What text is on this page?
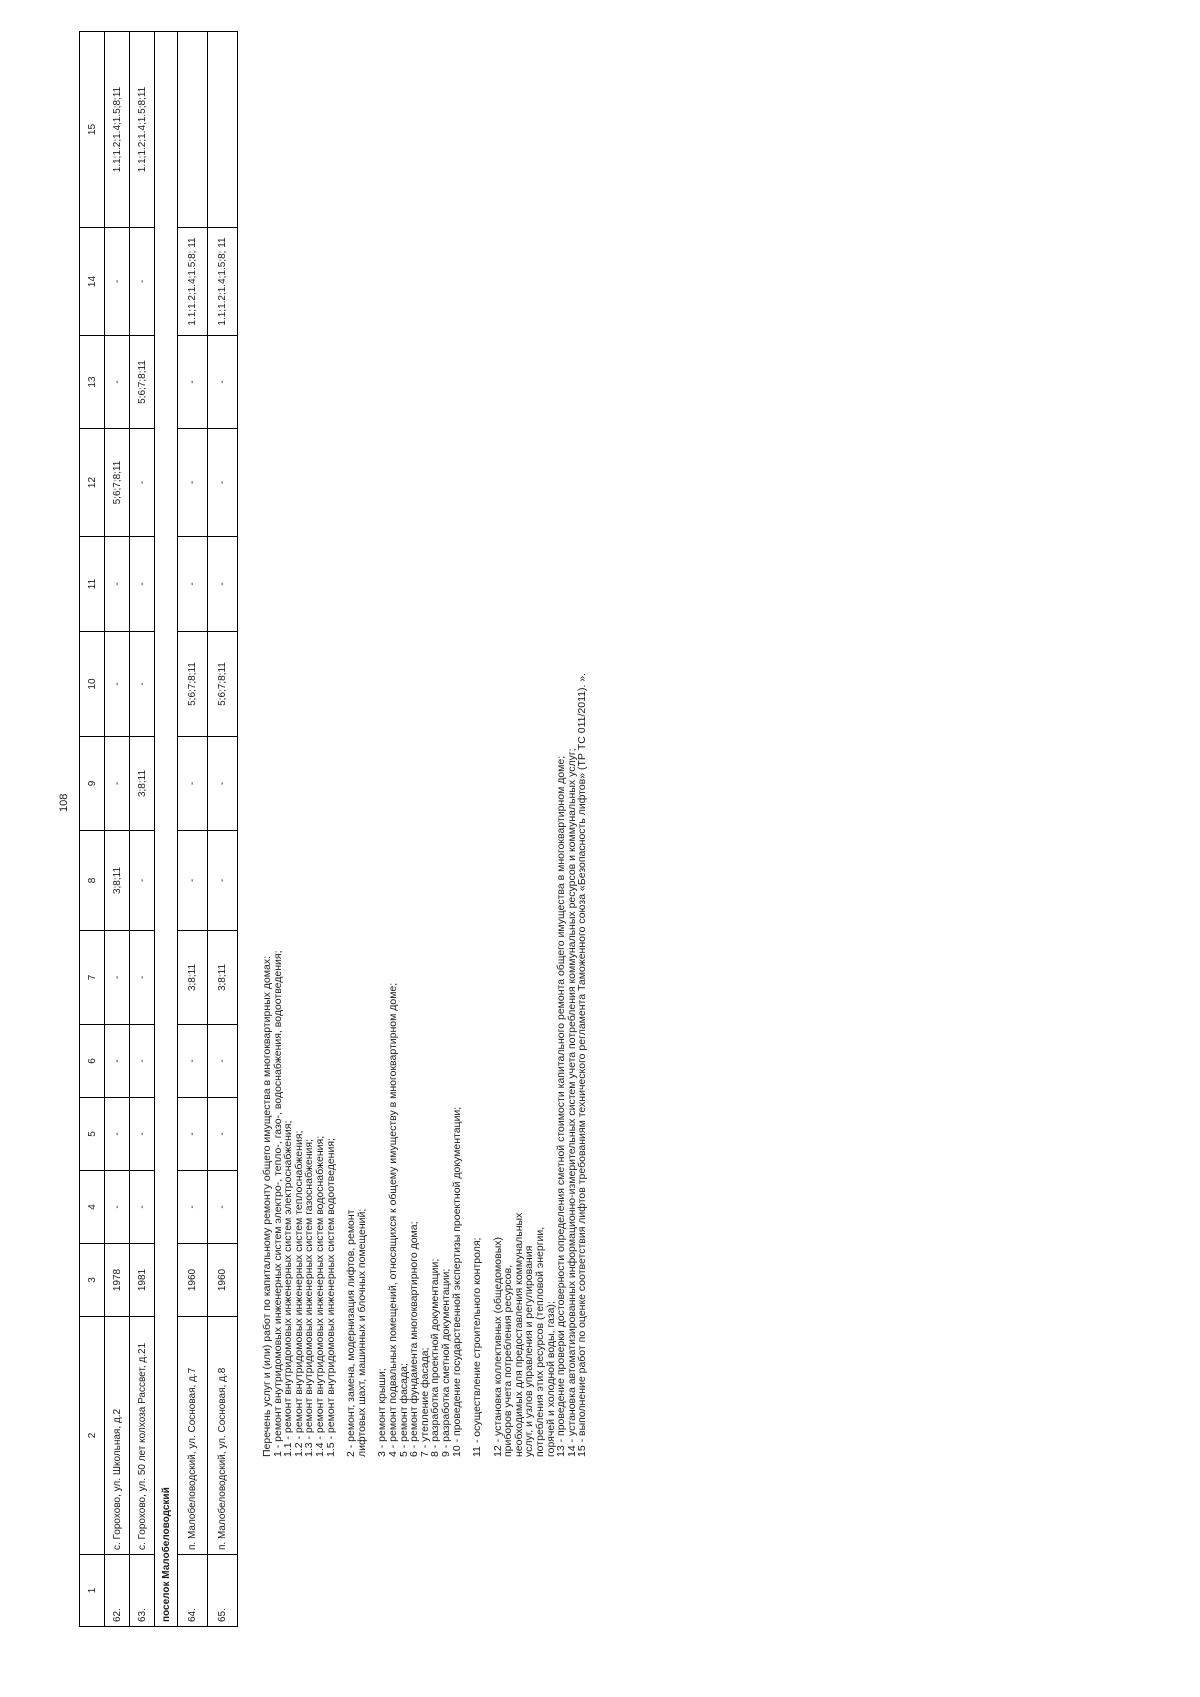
108
1	2	3	4	5	6	7	8	9	10	11	12	13	14	15
62.	с. Горохово, ул. Школьная, д.2	1978	-	-	-	-	3;8;11	-	-	-	5;6;7;8;11	-	-	1.1;1.2;1.4;1.5;8;11
63.	с. Горохово, ул. 50 лет колхоза Рассвет, д.21	1981	-	-	-	-	-	3;8;11	-	-	-	5;6;7;8;11	-	1.1;1.2;1.4;1.5;8;11
поселок Малобеловодский														
64.	п. Малобеловодский, ул. Сосновая, д.7	1960	-	-	-	3;8;11	-	-	5;6;7;8;11	-	-	-	1.1;1.2;1.4;1.5;8; 11	
65.	п. Малобеловодский, ул. Сосновая, д.8	1960	-	-	-	3;8;11	-	-	5;6;7;8;11	-	-	-	1.1;1.2;1.4;1.5;8; 11	
Перечень услуг и (или) работ по капитальному ремонту общего имущества в многоквартирных домах:
1 - ремонт внутридомовых инженерных систем электро-, тепло-, газо-, водоснабжения, водоотведения;
1.1 - ремонт внутридомовых инженерных систем электроснабжения;
1.2 - ремонт внутридомовых инженерных систем теплоснабжения;
1.3 - ремонт внутридомовых инженерных систем газоснабжения;
1.4 - ремонт внутридомовых инженерных систем водоснабжения;
1.5 - ремонт внутридомовых инженерных систем водоотведения; 2 - ремонт, замена, модернизация лифтов, ремонт
лифтовых шахт, машинных и блочных помещений; 3 - ремонт крыши;
4 - ремонт подвальных помещений, относящихся к общему имуществу в многоквартирном доме;
5 - ремонт фасада;
6 - ремонт фундамента многоквартирного дома;
7 - утепление фасада;
8 - разработка проектной документации;
9 - разработка сметной документации;
10 - проведение государственной экспертизы проектной документации; 11 - осуществление строительного контроля; 12 - установка коллективных (общедомовых)
приборов учета потребления ресурсов,
необходимых для предоставления коммунальных
услуг, и узлов управления и регулирования
потребления этих ресурсов (тепловой энергии,
горячей и холодной воды, газа);
13 - проведение проверки достоверности определения сметной стоимости капитального ремонта общего имущества в многоквартирном доме;
14 - установка автоматизированных информационно-измерительных систем учета потребления коммунальных ресурсов и коммунальных услуг;
15 - выполнение работ по оценке соответствия лифтов требованиям технического регламента Таможенного союза «Безопасность лифтов» (ТР ТС 011/2011). ».
